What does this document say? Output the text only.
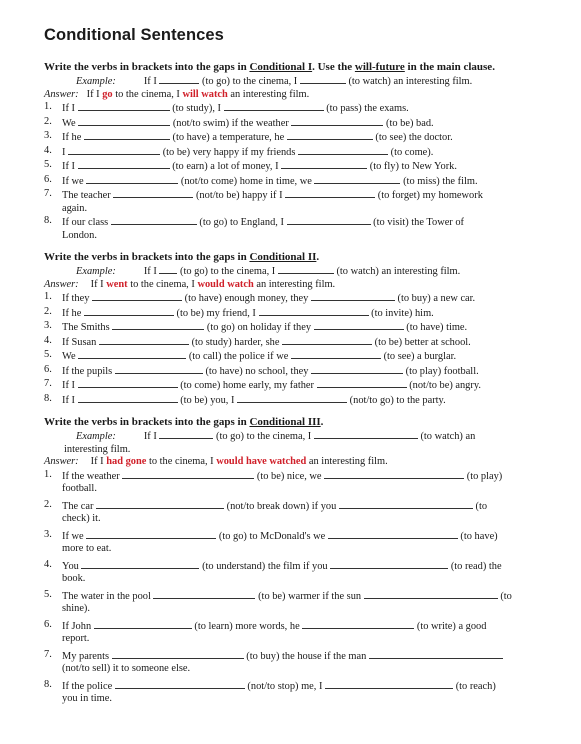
Conditional Sentences
Write the verbs in brackets into the gaps in Conditional I. Use the will-future in the main clause.
Example:	If I	(to go) to the cinema, I	(to watch) an interesting film.
Answer: If I go to the cinema, I will watch an interesting film.
1. If I	(to study), I	(to pass) the exams.
2. We	(not/to swim) if the weather	(to be) bad.
3. If he	(to have) a temperature, he	(to see) the doctor.
4. I	(to be) very happy if my friends	(to come).
5. If I	(to earn) a lot of money, I	(to fly) to New York.
6. If we	(not/to come) home in time, we	(to miss) the film.
7. The teacher	(not/to be) happy if I	(to forget) my homework
again.
8. If our class	(to go) to England, I	(to visit) the Tower of
London.
Write the verbs in brackets into the gaps in Conditional II.
Example:	If I (to go) to the cinema, I	(to watch) an interesting film.
Answer: If I went to the cinema, I would watch an interesting film.
1. If they	(to have) enough money, they	(to buy) a new car.
2. If he	(to be) my friend, I	(to invite) him.
3. The Smiths	(to go) on holiday if they	(to have) time.
4. If Susan	(to study) harder, she	(to be) better at school.
5. We	(to call) the police if we	(to see) a burglar.
6. If the pupils	(to have) no school, they	(to play) football.
7. If I	(to come) home early, my father	(not/to be) angry.
8. If I	(to be) you, I	(not/to go) to the party.
Write the verbs in brackets into the gaps in Conditional III.
Example:	If I	(to go) to the cinema, I	(to watch) an
interesting film.
Answer: If I had gone to the cinema, I would have watched an interesting film.
1. If the weather	(to be) nice, we	(to play)
football.
2. The car	(not/to break down) if you	(to
check) it.
3. If we	(to go) to McDonald's we	(to have)
more to eat.
4. You	(to understand) the film if you	(to read) the
book.
5. The water in the pool	(to be) warmer if the sun	(to
shine).
6. If John	(to learn) more words, he	(to write) a good
report.
7. My parents	(to buy) the house if the man
(not/to sell) it to someone else.
8. If the police	(not/to stop) me, I	(to reach)
you in time.
